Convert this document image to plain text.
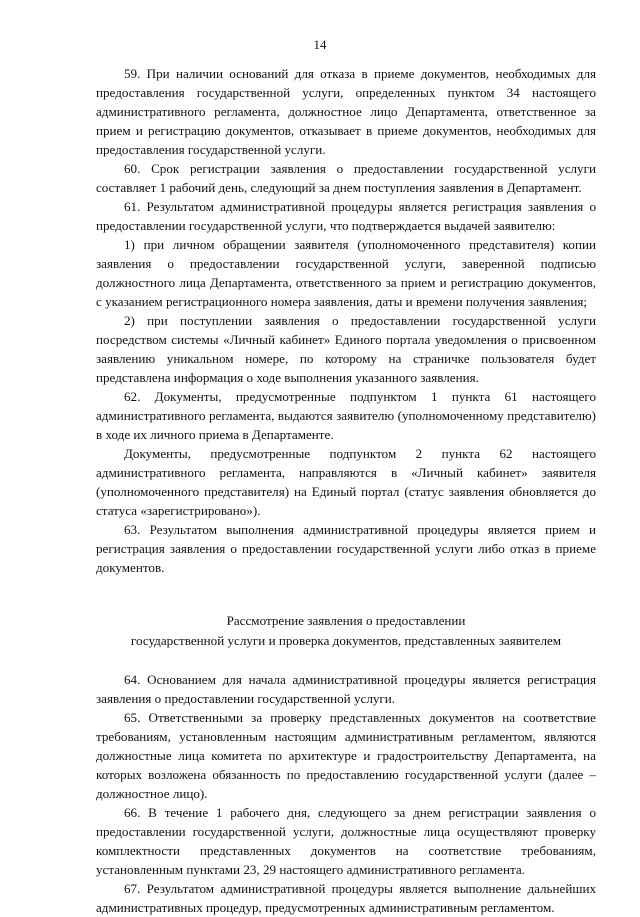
14

59. При наличии оснований для отказа в приеме документов, необходимых для предоставления государственной услуги, определенных пунктом 34 настоящего административного регламента, должностное лицо Департамента, ответственное за прием и регистрацию документов, отказывает в приеме документов, необходимых для предоставления государственной услуги.

60. Срок регистрации заявления о предоставлении государственной услуги составляет 1 рабочий день, следующий за днем поступления заявления в Департамент.

61. Результатом административной процедуры является регистрация заявления о предоставлении государственной услуги, что подтверждается выдачей заявителю:

1) при личном обращении заявителя (уполномоченного представителя) копии заявления о предоставлении государственной услуги, заверенной подписью должностного лица Департамента, ответственного за прием и регистрацию документов, с указанием регистрационного номера заявления, даты и времени получения заявления;

2) при поступлении заявления о предоставлении государственной услуги посредством системы «Личный кабинет» Единого портала уведомления о присвоенном заявлению уникальном номере, по которому на страничке пользователя будет представлена информация о ходе выполнения указанного заявления.

62. Документы, предусмотренные подпунктом 1 пункта 61 настоящего административного регламента, выдаются заявителю (уполномоченному представителю) в ходе их личного приема в Департаменте.

Документы, предусмотренные подпунктом 2 пункта 62 настоящего административного регламента, направляются в «Личный кабинет» заявителя (уполномоченного представителя) на Единый портал (статус заявления обновляется до статуса «зарегистрировано»).

63. Результатом выполнения административной процедуры является прием и регистрация заявления о предоставлении государственной услуги либо отказ в приеме документов.

Рассмотрение заявления о предоставлении
государственной услуги и проверка документов, представленных заявителем

64. Основанием для начала административной процедуры является регистрация заявления о предоставлении государственной услуги.

65. Ответственными за проверку представленных документов на соответствие требованиям, установленным настоящим административным регламентом, являются должностные лица комитета по архитектуре и градостроительству Департамента, на которых возложена обязанность по предоставлению государственной услуги (далее – должностное лицо).

66. В течение 1 рабочего дня, следующего за днем регистрации заявления о предоставлении государственной услуги, должностные лица осуществляют проверку комплектности представленных документов на соответствие требованиям, установленным пунктами 23, 29 настоящего административного регламента.

67. Результатом административной процедуры является выполнение дальнейших административных процедур, предусмотренных административным регламентом.
